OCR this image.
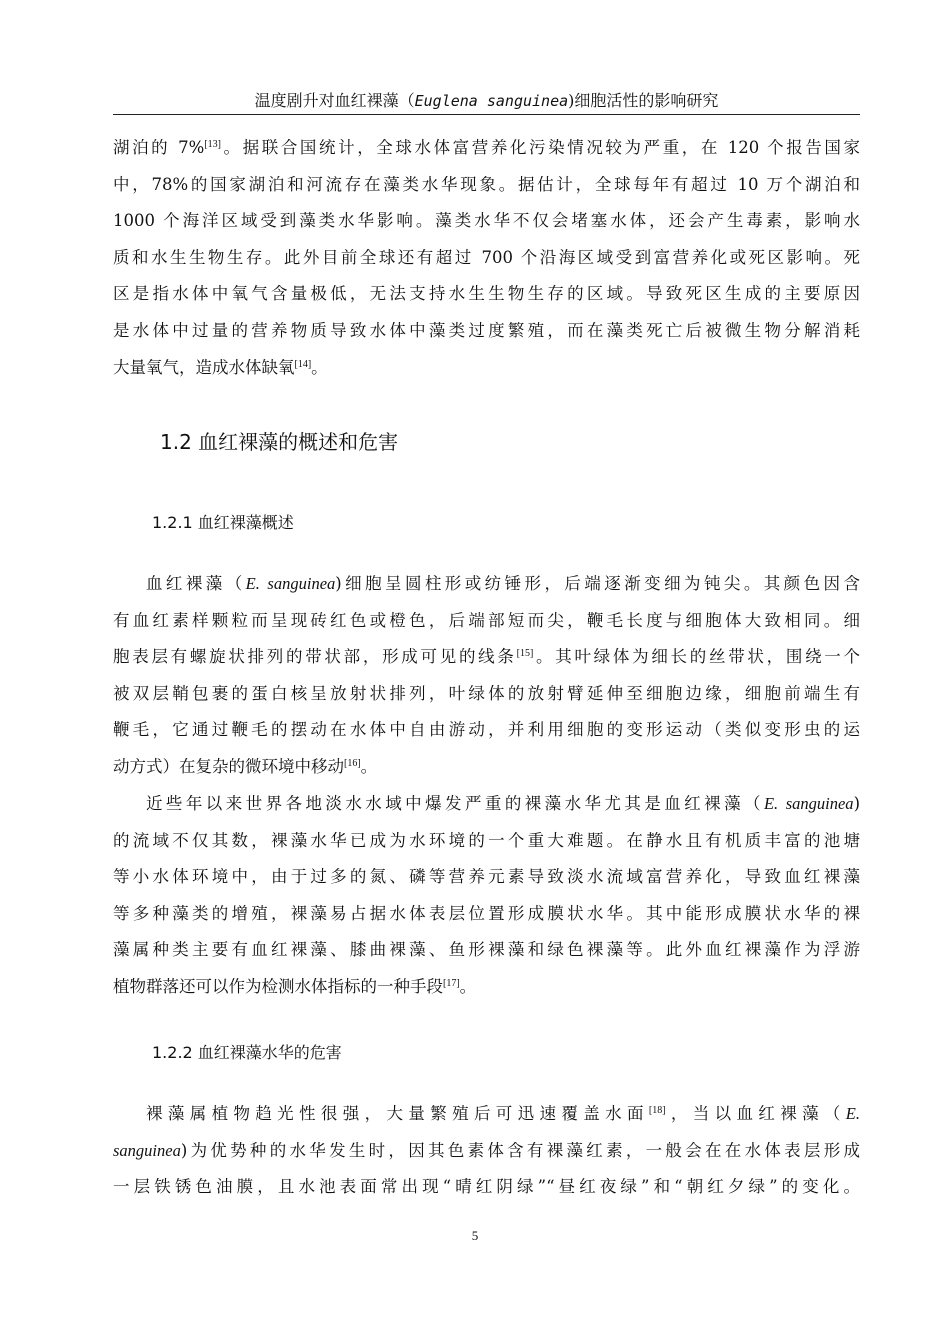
温度剧升对血红裸藻（Euglena sanguinea)细胞活性的影响研究
湖泊的 7%[13]。据联合国统计，全球水体富营养化污染情况较为严重，在 120 个报告国家
中，78%的国家湖泊和河流存在藻类水华现象。据估计，全球每年有超过 10 万个湖泊和
1000 个海洋区域受到藻类水华影响。藻类水华不仅会堵塞水体，还会产生毒素，影响水
质和水生生物生存。此外目前全球还有超过 700 个沿海区域受到富营养化或死区影响。死
区是指水体中氧气含量极低，无法支持水生生物生存的区域。导致死区生成的主要原因
是水体中过量的营养物质导致水体中藻类过度繁殖，而在藻类死亡后被微生物分解消耗
大量氧气，造成水体缺氧[14]。
1.2 血红裸藻的概述和危害
1.2.1 血红裸藻概述
血红裸藻（E. sanguinea)细胞呈圆柱形或纺锤形，后端逐渐变细为钝尖。其颜色因含
有血红素样颗粒而呈现砖红色或橙色，后端部短而尖，鞭毛长度与细胞体大致相同。细
胞表层有螺旋状排列的带状部，形成可见的线条[15]。其叶绿体为细长的丝带状，围绕一个
被双层鞘包裹的蛋白核呈放射状排列，叶绿体的放射臂延伸至细胞边缘，细胞前端生有
鞭毛，它通过鞭毛的摆动在水体中自由游动，并利用细胞的变形运动（类似变形虫的运
动方式）在复杂的微环境中移动[16]。
近些年以来世界各地淡水水域中爆发严重的裸藻水华尤其是血红裸藻（E. sanguinea)
的流域不仅其数，裸藻水华已成为水环境的一个重大难题。在静水且有机质丰富的池塘
等小水体环境中，由于过多的氮、磷等营养元素导致淡水流域富营养化，导致血红裸藻
等多种藻类的增殖，裸藻易占据水体表层位置形成膜状水华。其中能形成膜状水华的裸
藻属种类主要有血红裸藻、膝曲裸藻、鱼形裸藻和绿色裸藻等。此外血红裸藻作为浮游
植物群落还可以作为检测水体指标的一种手段[17]。
1.2.2 血红裸藻水华的危害
裸藻属植物趋光性很强，大量繁殖后可迅速覆盖水面[18]，当以血红裸藻（E.
sanguinea)为优势种的水华发生时，因其色素体含有裸藻红素，一般会在在水体表层形成
一层铁锈色油膜，且水池表面常出现“晴红阴绿”“昼红夜绿”和“朝红夕绿”的变化。
5
